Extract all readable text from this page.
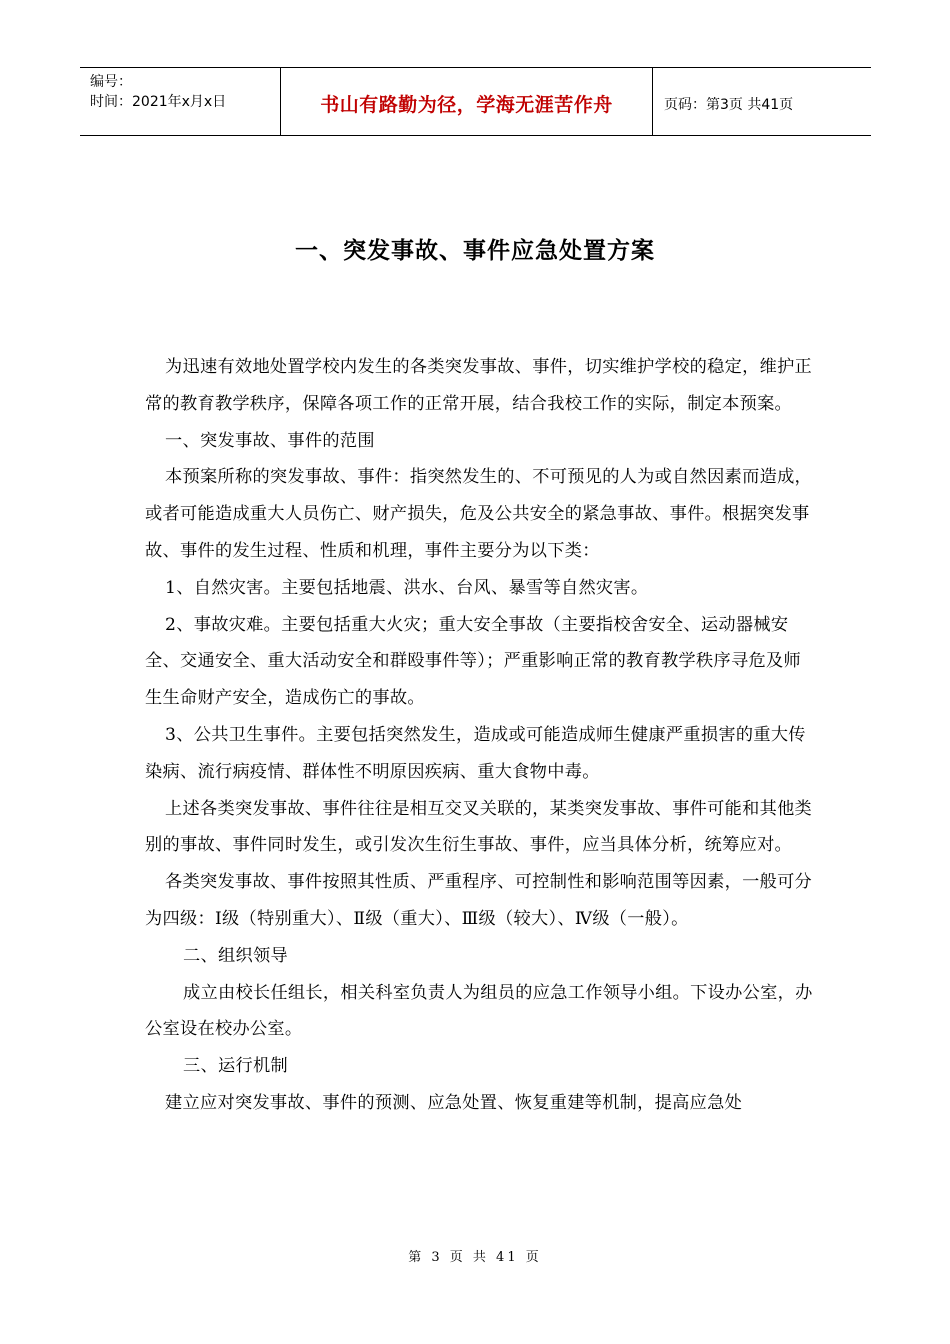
编号：
时间：2021年x月x日	书山有路勤为径，学海无涯苦作舟	页码：第3页 共41页
一、突发事故、事件应急处置方案

为迅速有效地处置学校内发生的各类突发事故、事件，切实维护学校的稳定，维护正常的教育教学秩序，保障各项工作的正常开展，结合我校工作的实际，制定本预案。

一、突发事故、事件的范围

本预案所称的突发事故、事件：指突然发生的、不可预见的人为或自然因素而造成，或者可能造成重大人员伤亡、财产损失，危及公共安全的紧急事故、事件。根据突发事故、事件的发生过程、性质和机理，事件主要分为以下类：

1、自然灾害。主要包括地震、洪水、台风、暴雪等自然灾害。

2、事故灾难。主要包括重大火灾；重大安全事故（主要指校舍安全、运动器械安全、交通安全、重大活动安全和群殴事件等）；严重影响正常的教育教学秩序寻危及师生生命财产安全，造成伤亡的事故。

3、公共卫生事件。主要包括突然发生，造成或可能造成师生健康严重损害的重大传染病、流行病疫情、群体性不明原因疾病、重大食物中毒。

上述各类突发事故、事件往往是相互交叉关联的，某类突发事故、事件可能和其他类别的事故、事件同时发生，或引发次生衍生事故、事件，应当具体分析，统筹应对。

各类突发事故、事件按照其性质、严重程序、可控制性和影响范围等因素，一般可分为四级：Ⅰ级（特别重大）、Ⅱ级（重大）、Ⅲ级（较大）、Ⅳ级（一般）。

二、组织领导

成立由校长任组长，相关科室负责人为组员的应急工作领导小组。下设办公室，办公室设在校办公室。

三、运行机制

建立应对突发事故、事件的预测、应急处置、恢复重建等机制，提高应急处

第 3 页 共 41 页
